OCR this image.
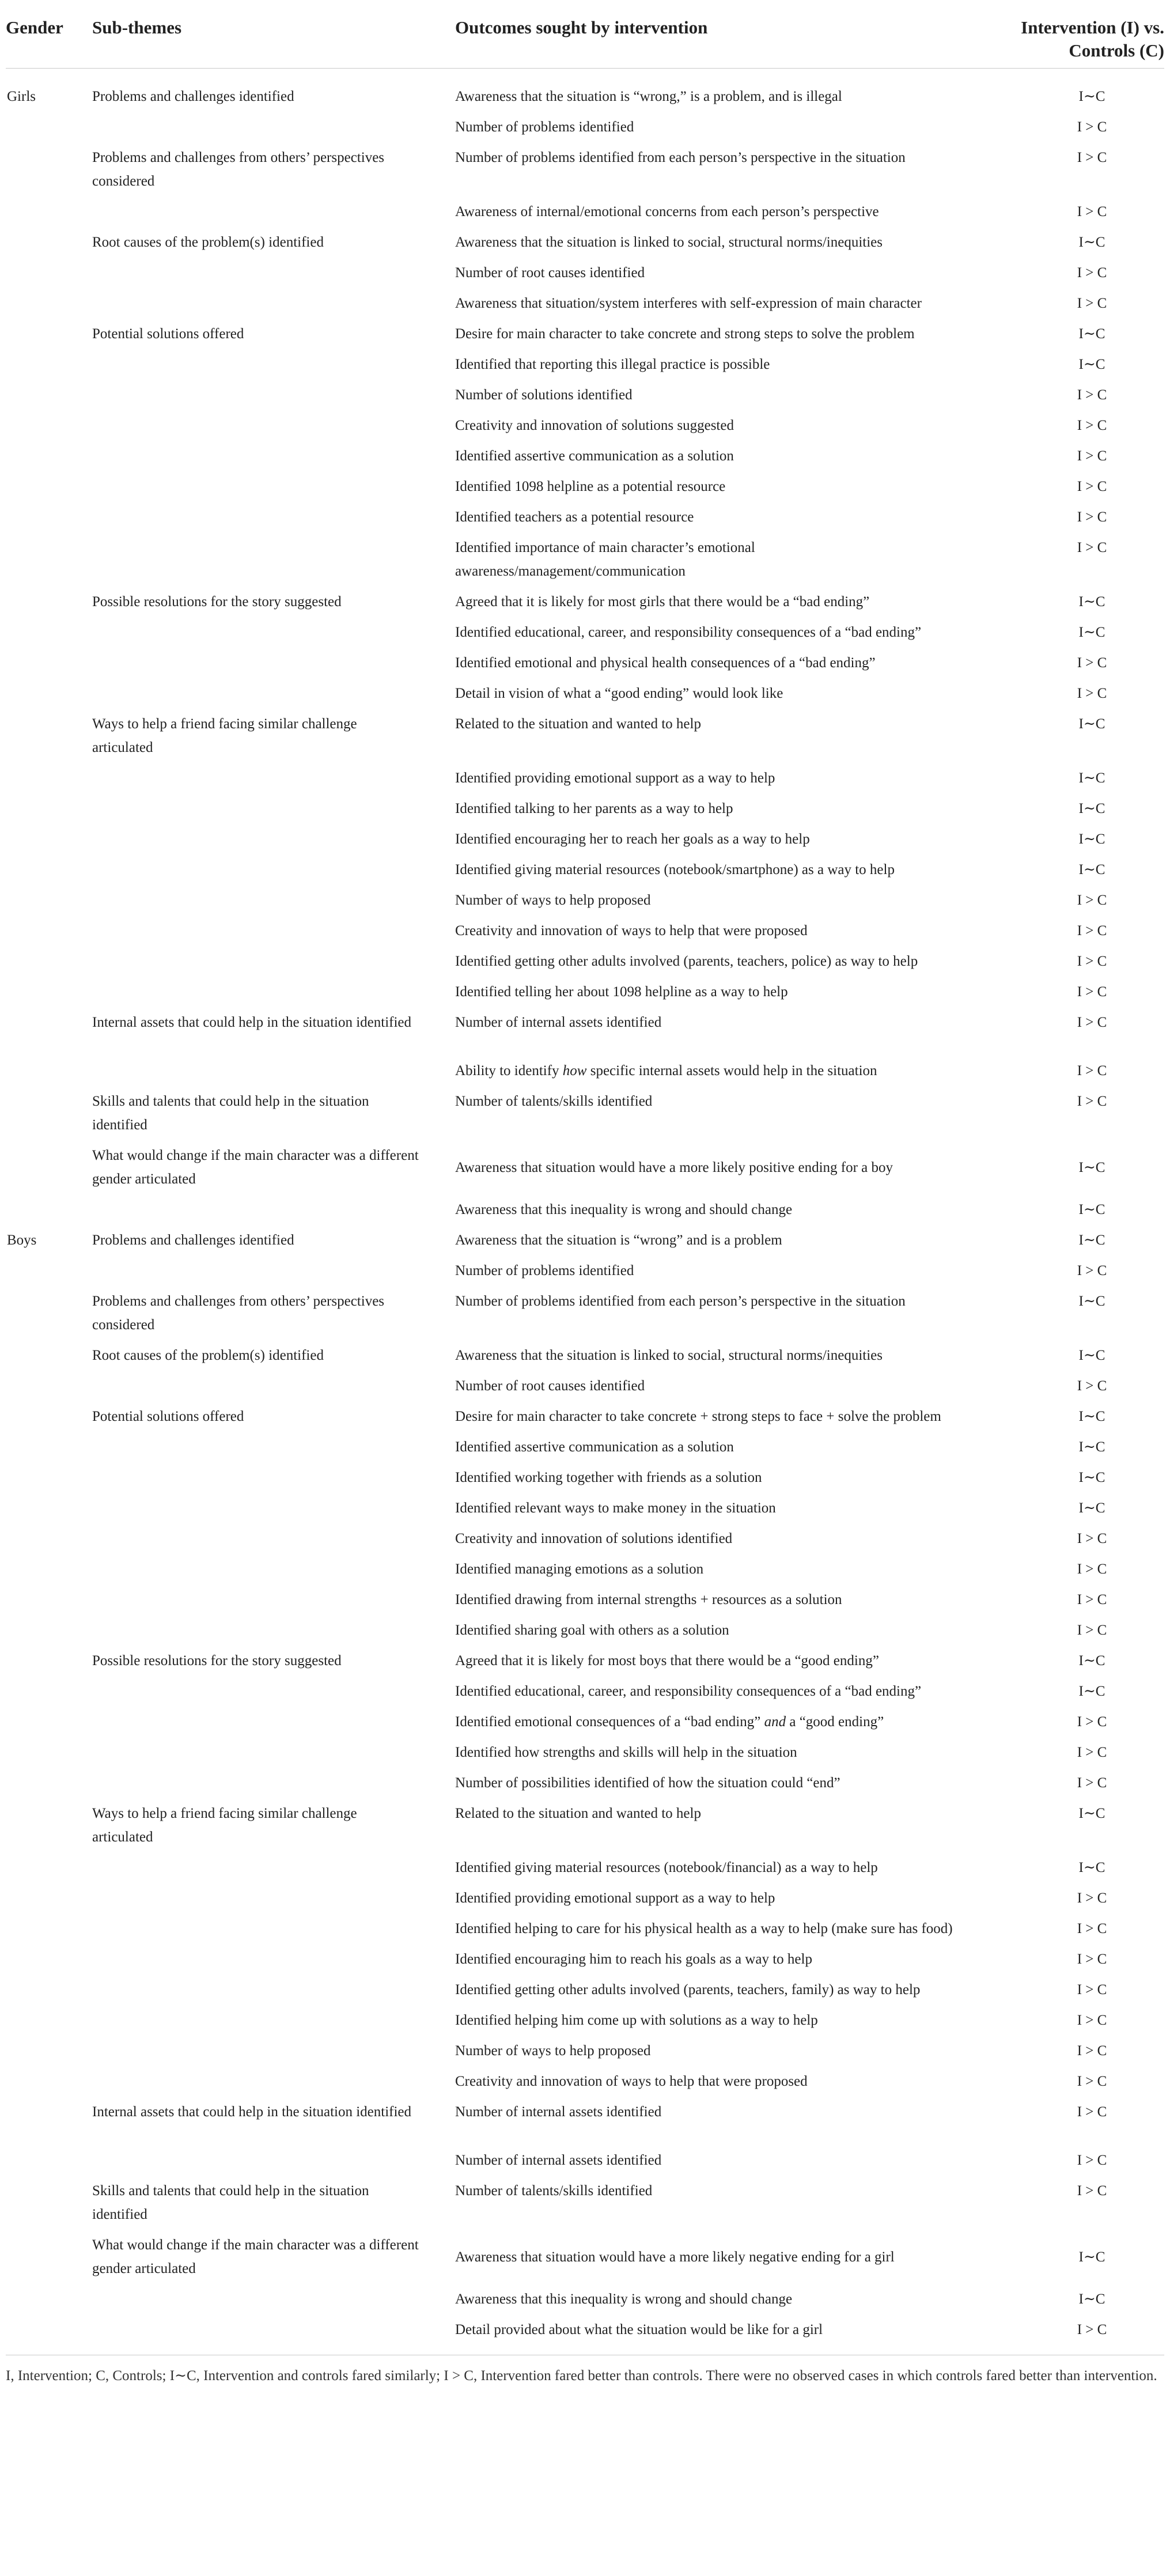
Gender	Sub-themes	Outcomes sought by intervention	Intervention (I) vs. Controls (C)
Girls	Problems and challenges identified	Awareness that the situation is “wrong,” is a problem, and is illegal	I∼C
		Number of problems identified	I > C
	Problems and challenges from others’ perspectives considered	Number of problems identified from each person’s perspective in the situation	I > C
		Awareness of internal/emotional concerns from each person’s perspective	I > C
	Root causes of the problem(s) identified	Awareness that the situation is linked to social, structural norms/inequities	I∼C
		Number of root causes identified	I > C
		Awareness that situation/system interferes with self-expression of main character	I > C
	Potential solutions offered	Desire for main character to take concrete and strong steps to solve the problem	I∼C
		Identified that reporting this illegal practice is possible	I∼C
		Number of solutions identified	I > C
		Creativity and innovation of solutions suggested	I > C
		Identified assertive communication as a solution	I > C
		Identified 1098 helpline as a potential resource	I > C
		Identified teachers as a potential resource	I > C
		Identified importance of main character’s emotional awareness/management/communication	I > C
	Possible resolutions for the story suggested	Agreed that it is likely for most girls that there would be a “bad ending”	I∼C
		Identified educational, career, and responsibility consequences of a “bad ending”	I∼C
		Identified emotional and physical health consequences of a “bad ending”	I > C
		Detail in vision of what a “good ending” would look like	I > C
	Ways to help a friend facing similar challenge articulated	Related to the situation and wanted to help	I∼C
		Identified providing emotional support as a way to help	I∼C
		Identified talking to her parents as a way to help	I∼C
		Identified encouraging her to reach her goals as a way to help	I∼C
		Identified giving material resources (notebook/smartphone) as a way to help	I∼C
		Number of ways to help proposed	I > C
		Creativity and innovation of ways to help that were proposed	I > C
		Identified getting other adults involved (parents, teachers, police) as way to help	I > C
		Identified telling her about 1098 helpline as a way to help	I > C
	Internal assets that could help in the situation identified	Number of internal assets identified	I > C
		Ability to identify how specific internal assets would help in the situation	I > C
	Skills and talents that could help in the situation identified	Number of talents/skills identified	I > C
	What would change if the main character was a different gender articulated	Awareness that situation would have a more likely positive ending for a boy	I∼C
		Awareness that this inequality is wrong and should change	I∼C
Boys	Problems and challenges identified	Awareness that the situation is “wrong” and is a problem	I∼C
		Number of problems identified	I > C
	Problems and challenges from others’ perspectives considered	Number of problems identified from each person’s perspective in the situation	I∼C
	Root causes of the problem(s) identified	Awareness that the situation is linked to social, structural norms/inequities	I∼C
		Number of root causes identified	I > C
	Potential solutions offered	Desire for main character to take concrete + strong steps to face + solve the problem	I∼C
		Identified assertive communication as a solution	I∼C
		Identified working together with friends as a solution	I∼C
		Identified relevant ways to make money in the situation	I∼C
		Creativity and innovation of solutions identified	I > C
		Identified managing emotions as a solution	I > C
		Identified drawing from internal strengths + resources as a solution	I > C
		Identified sharing goal with others as a solution	I > C
	Possible resolutions for the story suggested	Agreed that it is likely for most boys that there would be a “good ending”	I∼C
		Identified educational, career, and responsibility consequences of a “bad ending”	I∼C
		Identified emotional consequences of a “bad ending” and a “good ending”	I > C
		Identified how strengths and skills will help in the situation	I > C
		Number of possibilities identified of how the situation could “end”	I > C
	Ways to help a friend facing similar challenge articulated	Related to the situation and wanted to help	I∼C
		Identified giving material resources (notebook/financial) as a way to help	I∼C
		Identified providing emotional support as a way to help	I > C
		Identified helping to care for his physical health as a way to help (make sure has food)	I > C
		Identified encouraging him to reach his goals as a way to help	I > C
		Identified getting other adults involved (parents, teachers, family) as way to help	I > C
		Identified helping him come up with solutions as a way to help	I > C
		Number of ways to help proposed	I > C
		Creativity and innovation of ways to help that were proposed	I > C
	Internal assets that could help in the situation identified	Number of internal assets identified	I > C
		Number of internal assets identified	I > C
	Skills and talents that could help in the situation identified	Number of talents/skills identified	I > C
	What would change if the main character was a different gender articulated	Awareness that situation would have a more likely negative ending for a girl	I∼C
		Awareness that this inequality is wrong and should change	I∼C
		Detail provided about what the situation would be like for a girl	I > C
I, Intervention; C, Controls; I∼C, Intervention and controls fared similarly; I > C, Intervention fared better than controls. There were no observed cases in which controls fared better than intervention.
